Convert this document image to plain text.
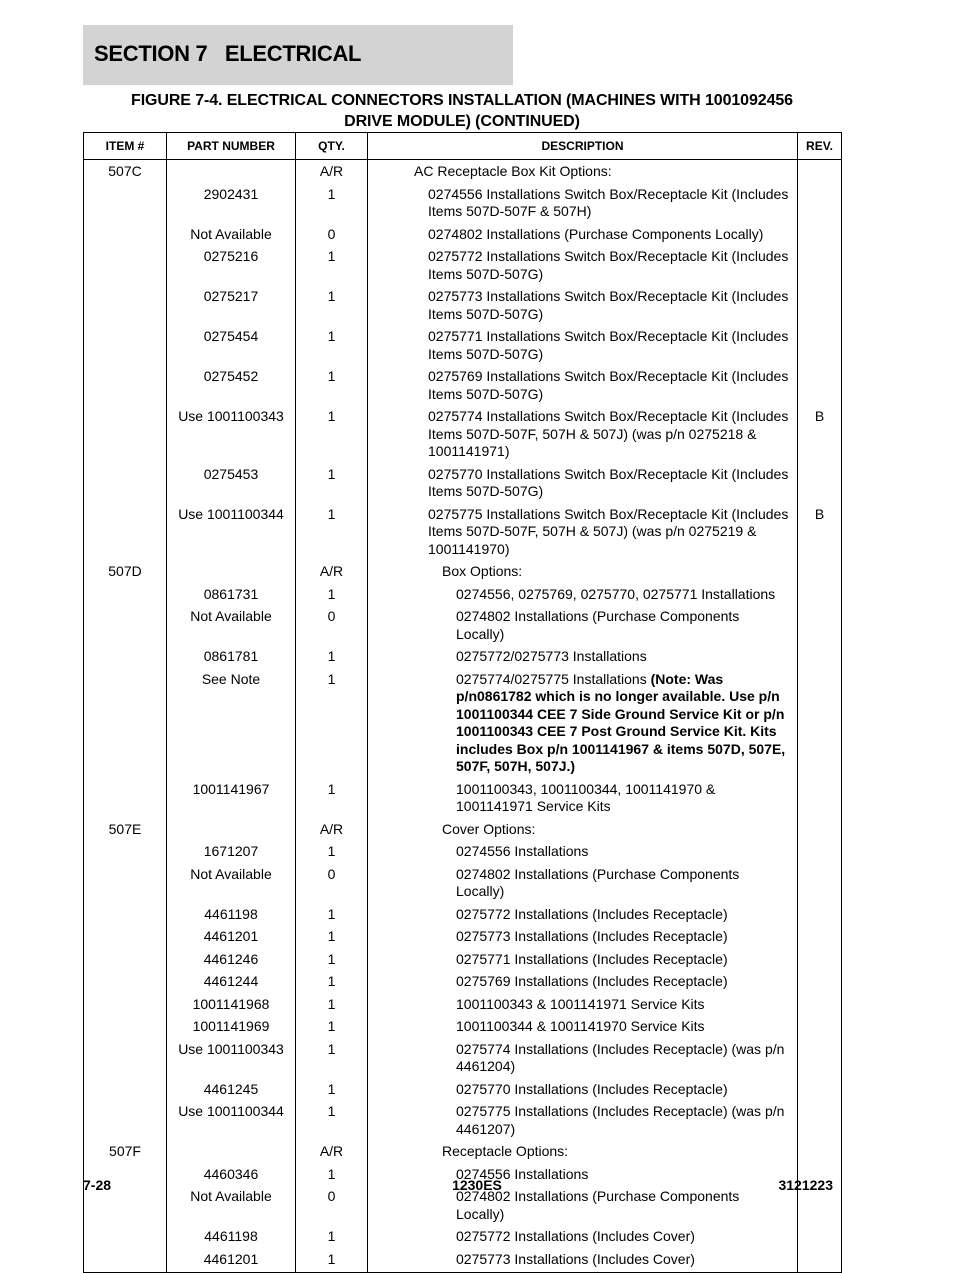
SECTION 7   ELECTRICAL
FIGURE 7-4. ELECTRICAL CONNECTORS INSTALLATION (MACHINES WITH 1001092456
DRIVE MODULE) (CONTINUED)
ITEM #	PART NUMBER	QTY.	DESCRIPTION	REV.
507C		A/R	AC Receptacle Box Kit Options:	
	2902431	1	0274556 Installations Switch Box/Receptacle Kit (Includes Items 507D-507F & 507H)	
	Not Available	0	0274802 Installations (Purchase Components Locally)	
	0275216	1	0275772 Installations Switch Box/Receptacle Kit (Includes Items 507D-507G)	
	0275217	1	0275773 Installations Switch Box/Receptacle Kit (Includes Items 507D-507G)	
	0275454	1	0275771 Installations Switch Box/Receptacle Kit (Includes Items 507D-507G)	
	0275452	1	0275769 Installations Switch Box/Receptacle Kit (Includes Items 507D-507G)	
	Use 1001100343	1	0275774 Installations Switch Box/Receptacle Kit (Includes Items 507D-507F, 507H & 507J) (was p/n 0275218 & 1001141971)	B
	0275453	1	0275770 Installations Switch Box/Receptacle Kit (Includes Items 507D-507G)	
	Use 1001100344	1	0275775 Installations Switch Box/Receptacle Kit (Includes Items 507D-507F, 507H & 507J) (was p/n 0275219 & 1001141970)	B
507D		A/R	Box Options:	
	0861731	1	0274556, 0275769, 0275770, 0275771 Installations	
	Not Available	0	0274802 Installations (Purchase Components Locally)	
	0861781	1	0275772/0275773 Installations	
	See Note	1	0275774/0275775 Installations (Note: Was p/n0861782 which is no longer available. Use p/n 1001100344 CEE 7 Side Ground Service Kit or p/n 1001100343 CEE 7 Post Ground Service Kit. Kits includes Box p/n 1001141967 & items 507D, 507E, 507F, 507H, 507J.)	
	1001141967	1	1001100343, 1001100344, 1001141970 & 1001141971 Service Kits	
507E		A/R	Cover Options:	
	1671207	1	0274556 Installations	
	Not Available	0	0274802 Installations (Purchase Components Locally)	
	4461198	1	0275772 Installations (Includes Receptacle)	
	4461201	1	0275773 Installations (Includes Receptacle)	
	4461246	1	0275771 Installations (Includes Receptacle)	
	4461244	1	0275769 Installations (Includes Receptacle)	
	1001141968	1	1001100343 & 1001141971 Service Kits	
	1001141969	1	1001100344 & 1001141970 Service Kits	
	Use 1001100343	1	0275774 Installations (Includes Receptacle) (was p/n 4461204)	
	4461245	1	0275770 Installations (Includes Receptacle)	
	Use 1001100344	1	0275775 Installations (Includes Receptacle) (was p/n 4461207)	
507F		A/R	Receptacle Options:	
	4460346	1	0274556 Installations	
	Not Available	0	0274802 Installations (Purchase Components Locally)	
	4461198	1	0275772 Installations (Includes Cover)	
	4461201	1	0275773 Installations (Includes Cover)	
7-28	1230ES	3121223
